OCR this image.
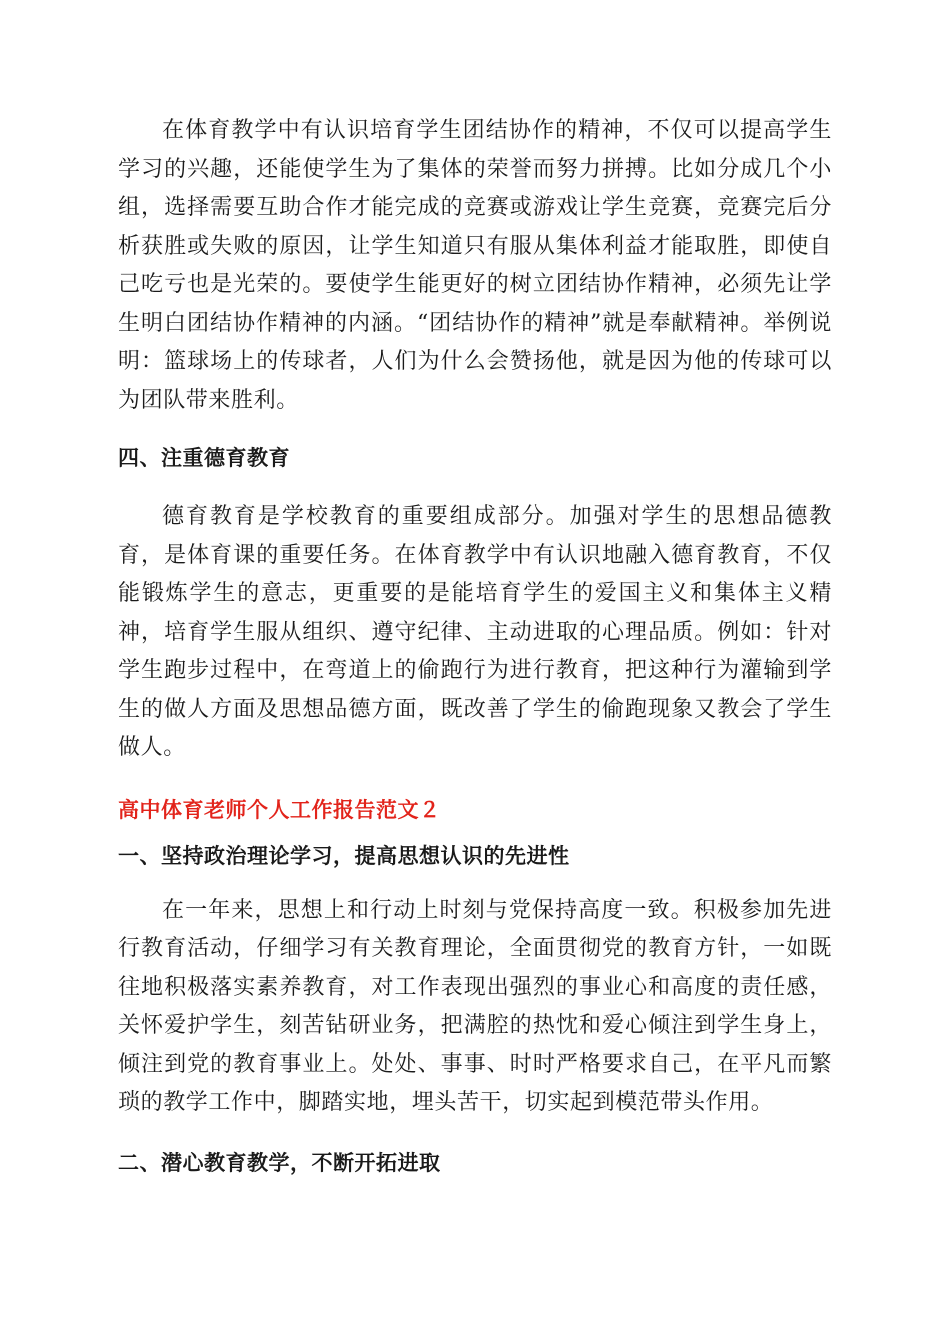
在体育教学中有认识培育学生团结协作的精神，不仅可以提高学生学习的兴趣，还能使学生为了集体的荣誉而努力拼搏。比如分成几个小组，选择需要互助合作才能完成的竞赛或游戏让学生竞赛，竞赛完后分析获胜或失败的原因，让学生知道只有服从集体利益才能取胜，即使自己吃亏也是光荣的。要使学生能更好的树立团结协作精神，必须先让学生明白团结协作精神的内涵。“团结协作的精神”就是奉献精神。举例说明：篮球场上的传球者，人们为什么会赞扬他，就是因为他的传球可以为团队带来胜利。

四、注重德育教育

德育教育是学校教育的重要组成部分。加强对学生的思想品德教育，是体育课的重要任务。在体育教学中有认识地融入德育教育，不仅能锻炼学生的意志，更重要的是能培育学生的爱国主义和集体主义精神，培育学生服从组织、遵守纪律、主动进取的心理品质。例如：针对学生跑步过程中，在弯道上的偷跑行为进行教育，把这种行为灌输到学生的做人方面及思想品德方面，既改善了学生的偷跑现象又教会了学生做人。

高中体育老师个人工作报告范文２

一、坚持政治理论学习，提高思想认识的先进性

在一年来，思想上和行动上时刻与党保持高度一致。积极参加先进行教育活动，仔细学习有关教育理论，全面贯彻党的教育方针，一如既往地积极落实素养教育，对工作表现出强烈的事业心和高度的责任感，关怀爱护学生，刻苦钻研业务，把满腔的热忱和爱心倾注到学生身上，倾注到党的教育事业上。处处、事事、时时严格要求自己，在平凡而繁琐的教学工作中，脚踏实地，埋头苦干，切实起到模范带头作用。

二、潜心教育教学，不断开拓进取
